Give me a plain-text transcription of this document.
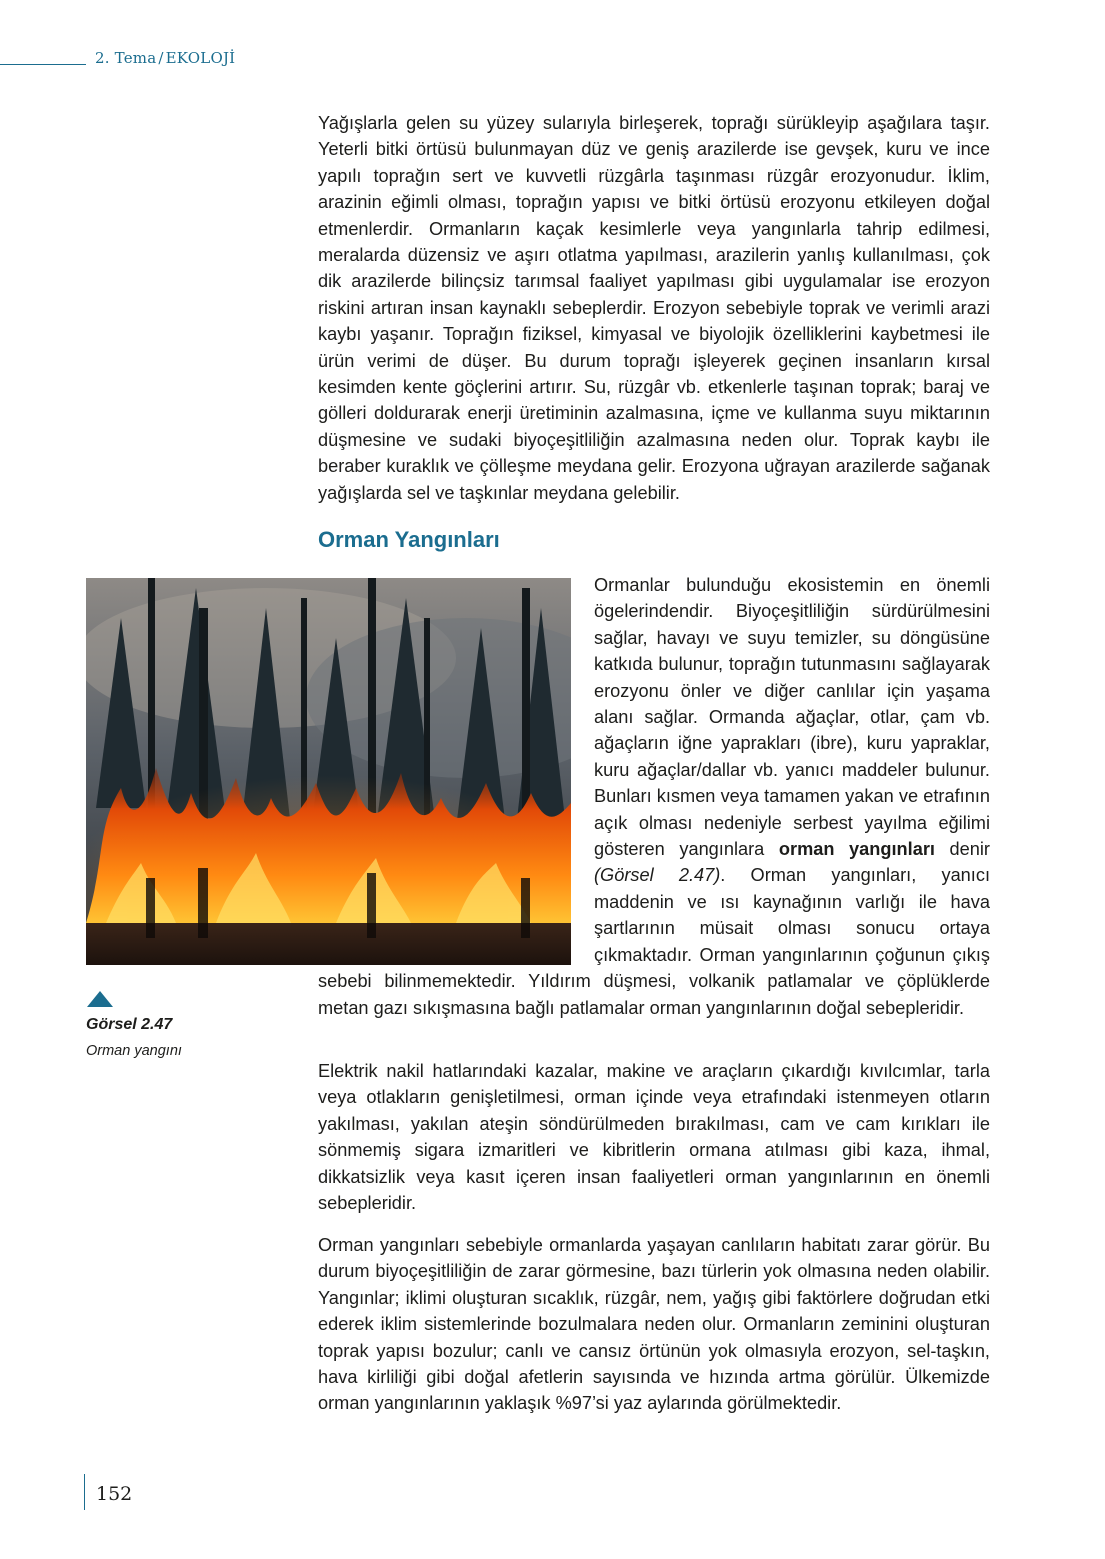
2. Tema / EKOLOJİ

Yağışlarla gelen su yüzey sularıyla birleşerek, toprağı sürükleyip aşağılara taşır. Yeterli bitki örtüsü bulunmayan düz ve geniş arazilerde ise gevşek, kuru ve ince yapılı toprağın sert ve kuvvetli rüzgârla taşınması rüzgâr erozyonudur. İklim, arazinin eğimli olması, toprağın yapısı ve bitki örtüsü erozyonu etkileyen doğal etmenlerdir. Ormanların kaçak kesimlerle veya yangınlarla tahrip edilmesi, meralarda düzensiz ve aşırı otlatma yapılması, arazilerin yanlış kullanılması, çok dik arazilerde bilinçsiz tarımsal faaliyet yapılması gibi uygulamalar ise erozyon riskini artıran insan kaynaklı sebeplerdir. Erozyon sebebiyle toprak ve verimli arazi kaybı yaşanır. Toprağın fiziksel, kimyasal ve biyolojik özelliklerini kaybetmesi ile ürün verimi de düşer. Bu durum toprağı işleyerek geçinen insanların kırsal kesimden kente göçlerini artırır. Su, rüzgâr vb. etkenlerle taşınan toprak; baraj ve gölleri doldurarak enerji üretiminin azalmasına, içme ve kullanma suyu miktarının düşmesine ve sudaki biyoçeşitliliğin azalmasına neden olur. Toprak kaybı ile beraber kuraklık ve çölleşme meydana gelir. Erozyona uğrayan arazilerde sağanak yağışlarda sel ve taşkınlar meydana gelebilir.

Orman Yangınları

Ormanlar bulunduğu ekosistemin en önemli ögelerindendir. Biyoçeşitliliğin sürdürülmesini sağlar, havayı ve suyu temizler, su döngüsüne katkıda bulunur, toprağın tutunmasını sağlayarak erozyonu önler ve diğer canlılar için yaşama alanı sağlar. Ormanda ağaçlar, otlar, çam vb. ağaçların iğne yaprakları (ibre), kuru yapraklar, kuru ağaçlar/dallar vb. yanıcı maddeler bulunur. Bunları kısmen veya tamamen yakan ve etrafının açık olması nedeniyle serbest yayılma eğilimi gösteren yangınlara orman yangınları denir (Görsel 2.47). Orman yangınları, yanıcı maddenin ve ısı kaynağının varlığı ile hava şartlarının müsait olması sonucu ortaya çıkmaktadır. Orman yangınlarının çoğunun çıkış sebebi bilinmemektedir. Yıldırım düşmesi, volkanik patlamalar ve çöplüklerde metan gazı sıkışmasına bağlı patlamalar orman yangınlarının doğal sebepleridir.

Görsel 2.47
Orman yangını

Elektrik nakil hatlarındaki kazalar, makine ve araçların çıkardığı kıvılcımlar, tarla veya otlakların genişletilmesi, orman içinde veya etrafındaki istenmeyen otların yakılması, yakılan ateşin söndürülmeden bırakılması, cam ve cam kırıkları ile sönmemiş sigara izmaritleri ve kibritlerin ormana atılması gibi kaza, ihmal, dikkatsizlik veya kasıt içeren insan faaliyetleri orman yangınlarının en önemli sebepleridir.

Orman yangınları sebebiyle ormanlarda yaşayan canlıların habitatı zarar görür. Bu durum biyoçeşitliliğin de zarar görmesine, bazı türlerin yok olmasına neden olabilir. Yangınlar; iklimi oluşturan sıcaklık, rüzgâr, nem, yağış gibi faktörlere doğrudan etki ederek iklim sistemlerinde bozulmalara neden olur. Ormanların zeminini oluşturan toprak yapısı bozulur; canlı ve cansız örtünün yok olmasıyla erozyon, sel-taşkın, hava kirliliği gibi doğal afetlerin sayısında ve hızında artma görülür. Ülkemizde orman yangınlarının yaklaşık %97’si yaz aylarında görülmektedir.

152
